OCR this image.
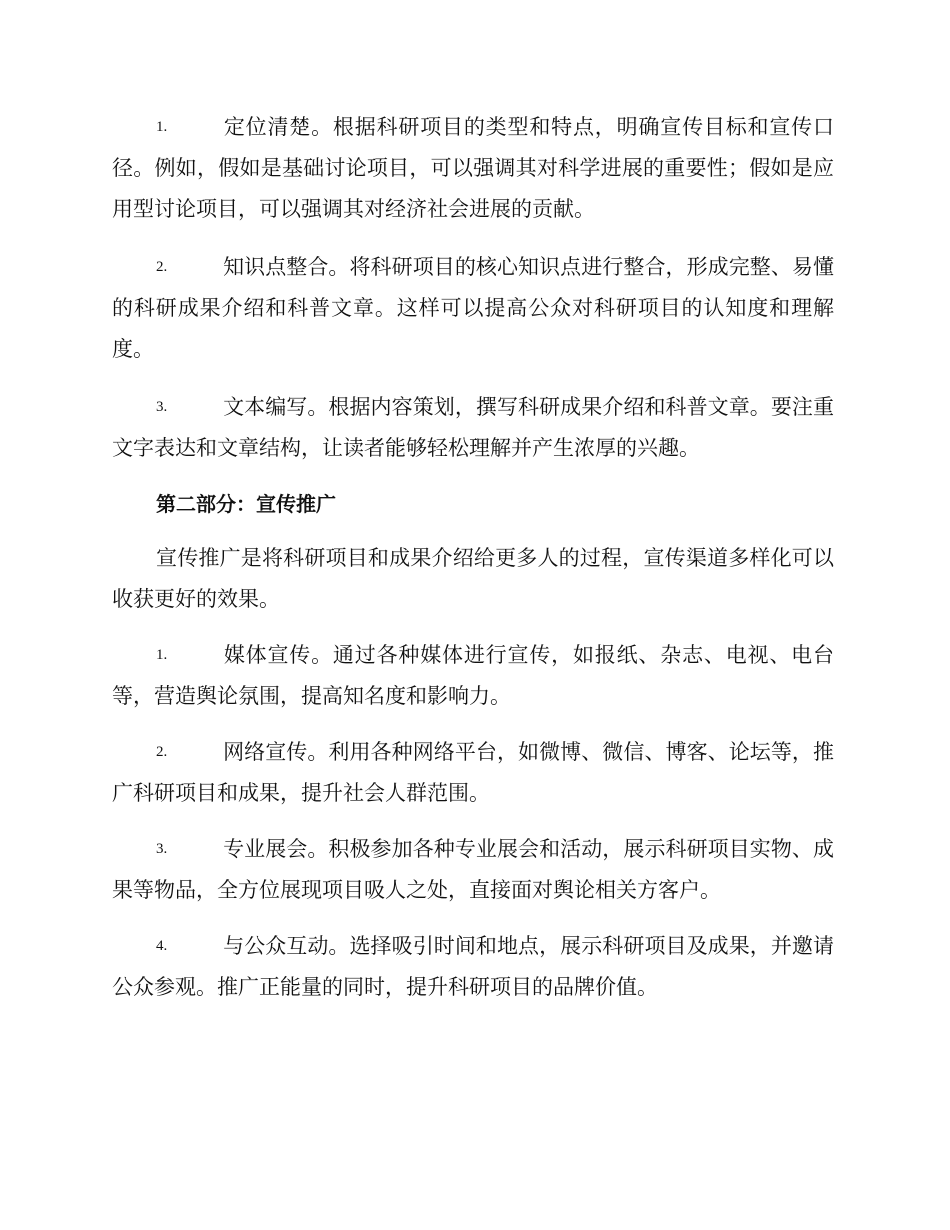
1.	定位清楚。根据科研项目的类型和特点，明确宣传目标和宣传口径。例如，假如是基础讨论项目，可以强调其对科学进展的重要性；假如是应用型讨论项目，可以强调其对经济社会进展的贡献。
2.	知识点整合。将科研项目的核心知识点进行整合，形成完整、易懂的科研成果介绍和科普文章。这样可以提高公众对科研项目的认知度和理解度。
3.	文本编写。根据内容策划，撰写科研成果介绍和科普文章。要注重文字表达和文章结构，让读者能够轻松理解并产生浓厚的兴趣。
第二部分：宣传推广
宣传推广是将科研项目和成果介绍给更多人的过程，宣传渠道多样化可以收获更好的效果。
1.	媒体宣传。通过各种媒体进行宣传，如报纸、杂志、电视、电台等，营造舆论氛围，提高知名度和影响力。
2.	网络宣传。利用各种网络平台，如微博、微信、博客、论坛等，推广科研项目和成果，提升社会人群范围。
3.	专业展会。积极参加各种专业展会和活动，展示科研项目实物、成果等物品，全方位展现项目吸人之处，直接面对舆论相关方客户。
4.	与公众互动。选择吸引时间和地点，展示科研项目及成果，并邀请公众参观。推广正能量的同时，提升科研项目的品牌价值。
